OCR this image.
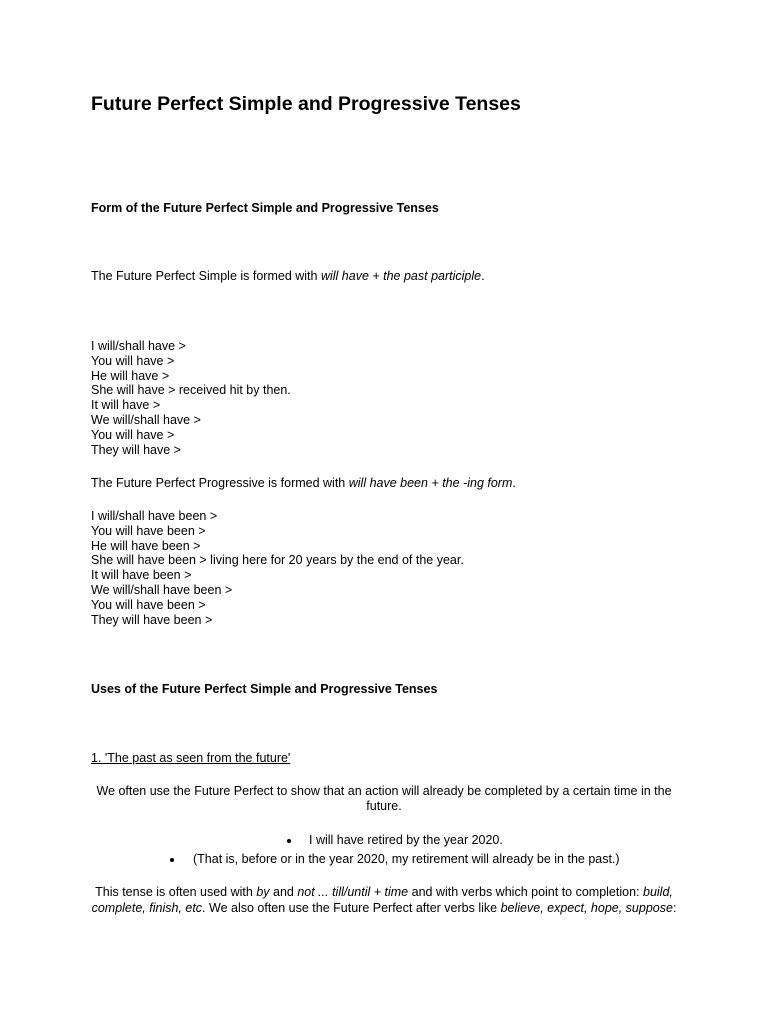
Future Perfect Simple and Progressive Tenses
Form of the Future Perfect Simple and Progressive Tenses
The Future Perfect Simple is formed with will have + the past participle.
I will/shall have >
You will have >
He will have >
She will have > received hit by then.
It will have >
We will/shall have >
You will have >
They will have >
The Future Perfect Progressive is formed with will have been + the -ing form.
I will/shall have been >
You will have been >
He will have been >
She will have been > living here for 20 years by the end of the year.
It will have been >
We will/shall have been >
You will have been >
They will have been >
Uses of the Future Perfect Simple and Progressive Tenses
1. 'The past as seen from the future'
We often use the Future Perfect to show that an action will already be completed by a certain time in the
future.
I will have retired by the year 2020.
(That is, before or in the year 2020, my retirement will already be in the past.)
This tense is often used with by and not ... till/until + time and with verbs which point to completion: build,
complete, finish, etc. We also often use the Future Perfect after verbs like believe, expect, hope, suppose:
